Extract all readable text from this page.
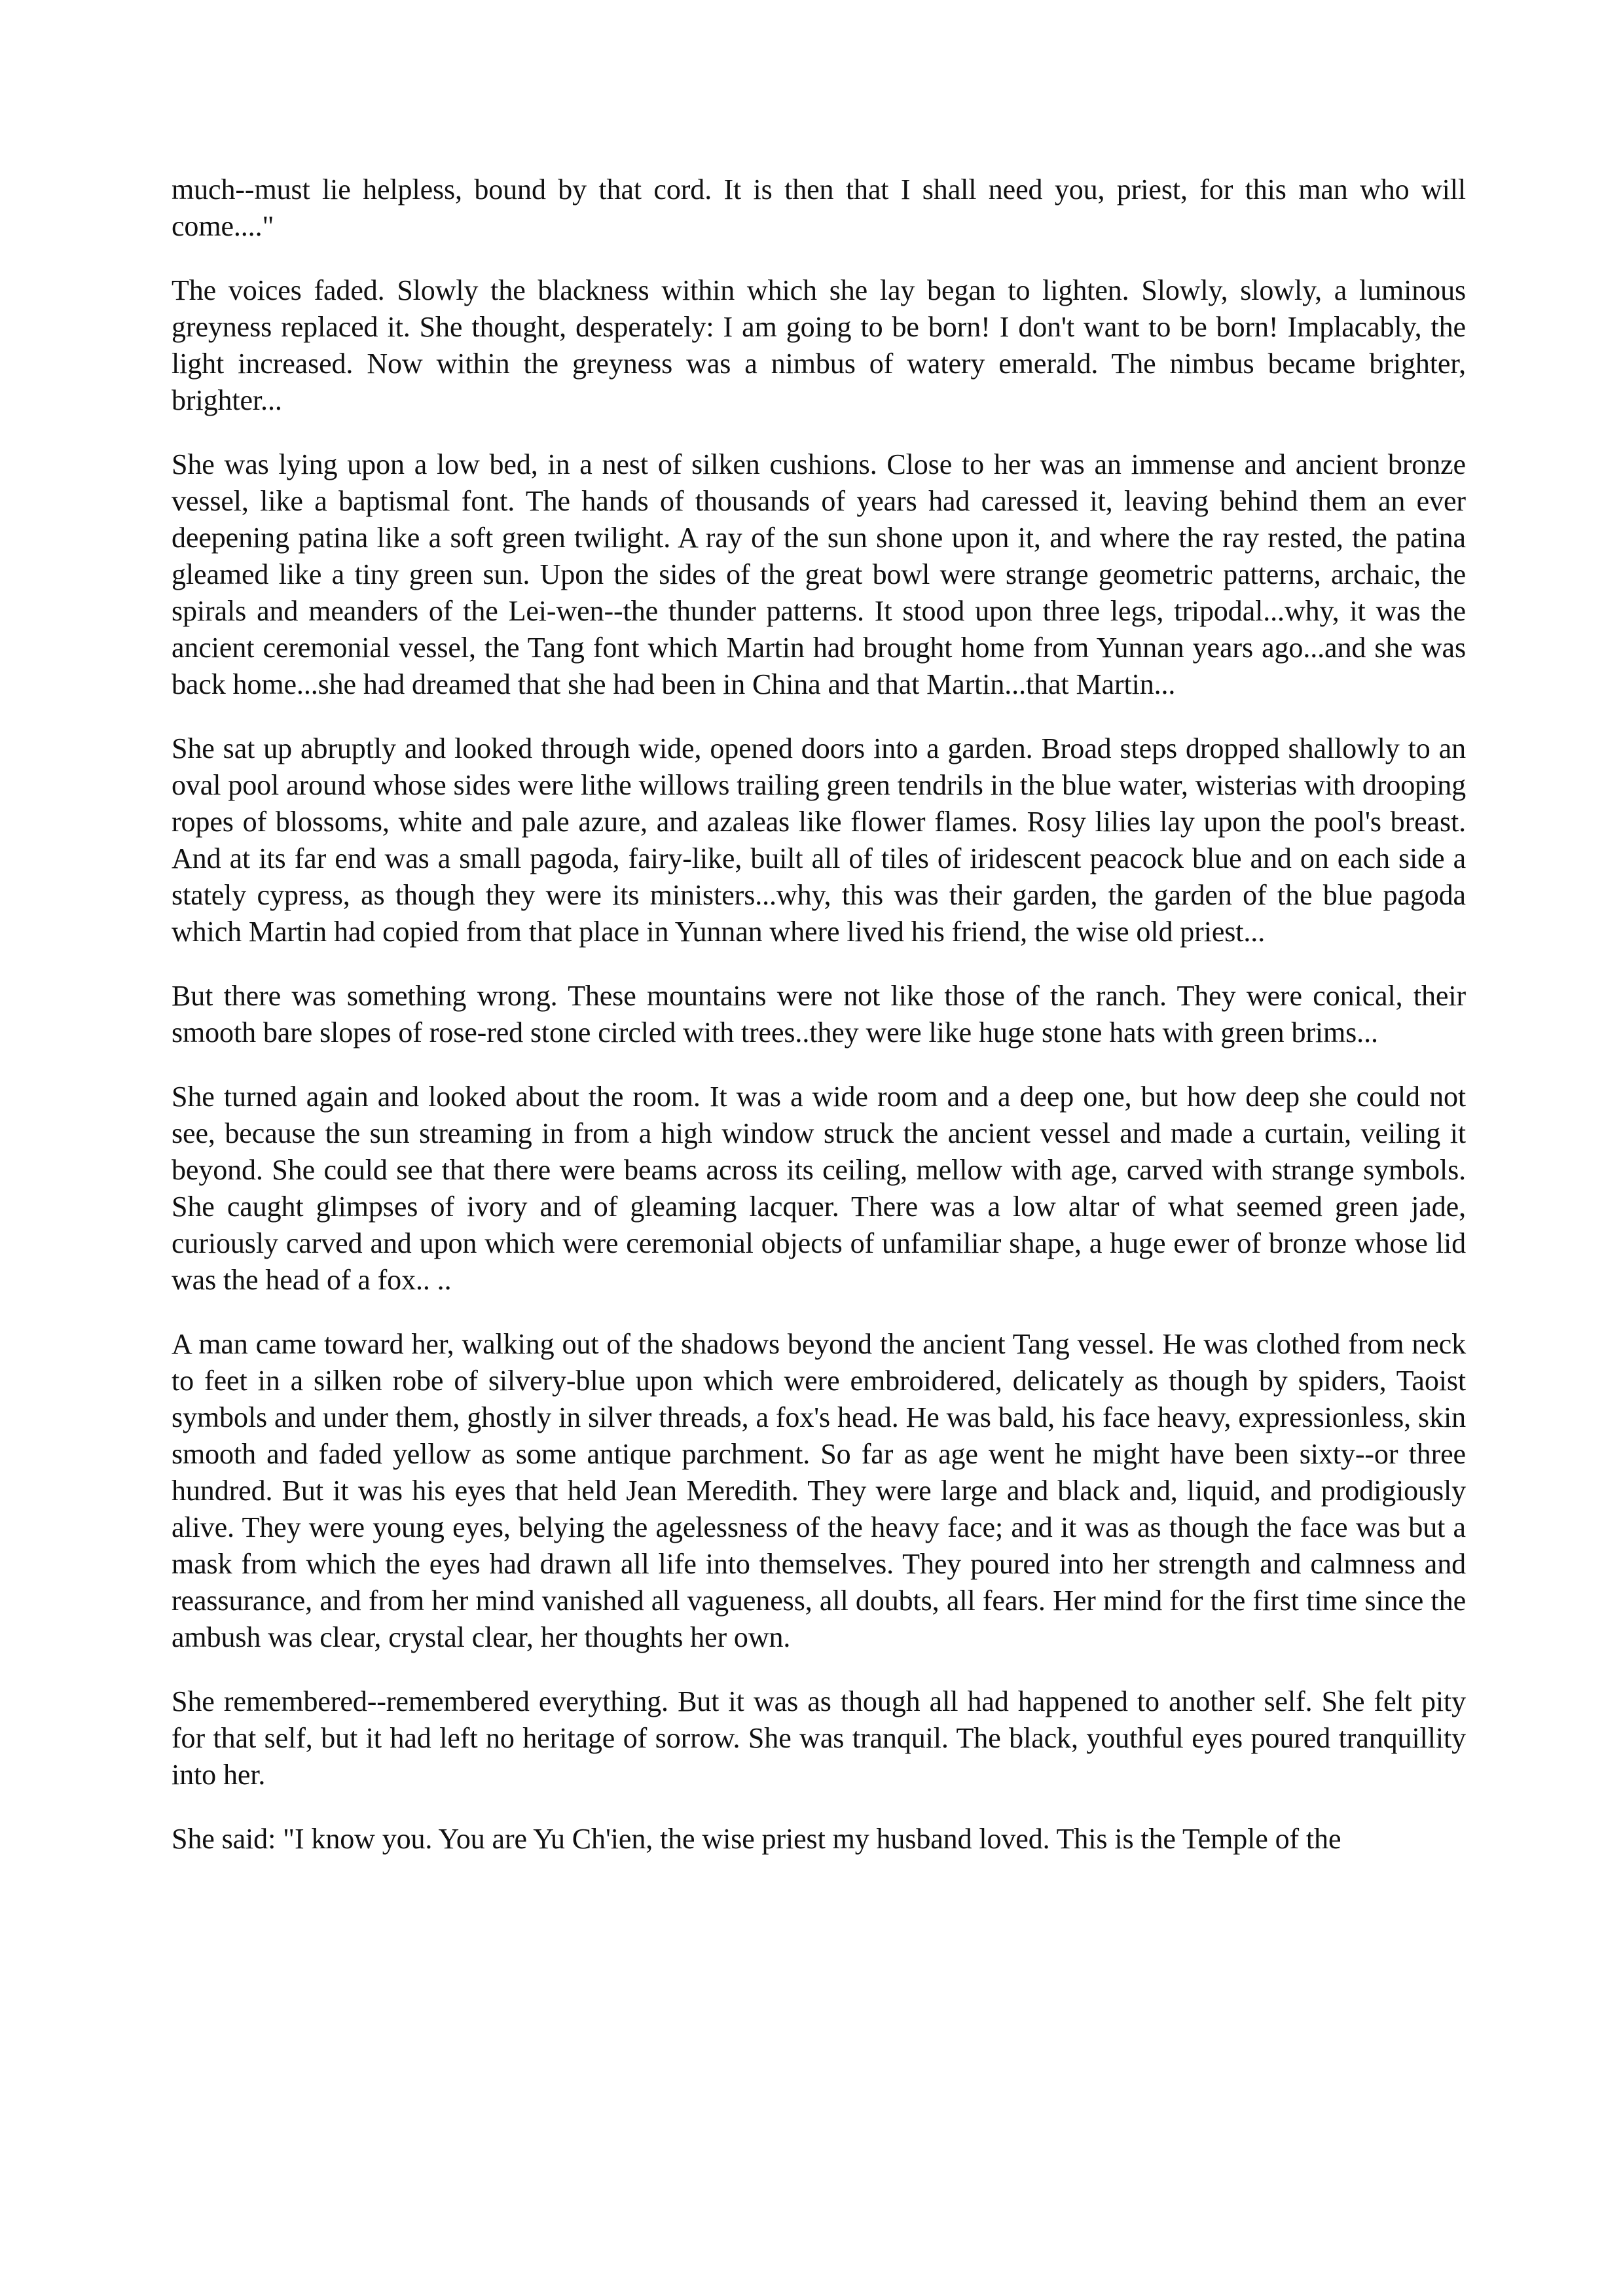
much--must lie helpless, bound by that cord. It is then that I shall need you, priest, for this man who will come...."

The voices faded. Slowly the blackness within which she lay began to lighten. Slowly, slowly, a luminous greyness replaced it. She thought, desperately: I am going to be born! I don't want to be born! Implacably, the light increased. Now within the greyness was a nimbus of watery emerald. The nimbus became brighter, brighter...

She was lying upon a low bed, in a nest of silken cushions. Close to her was an immense and ancient bronze vessel, like a baptismal font. The hands of thousands of years had caressed it, leaving behind them an ever deepening patina like a soft green twilight. A ray of the sun shone upon it, and where the ray rested, the patina gleamed like a tiny green sun. Upon the sides of the great bowl were strange geometric patterns, archaic, the spirals and meanders of the Lei-wen--the thunder patterns. It stood upon three legs, tripodal...why, it was the ancient ceremonial vessel, the Tang font which Martin had brought home from Yunnan years ago...and she was back home...she had dreamed that she had been in China and that Martin...that Martin...

She sat up abruptly and looked through wide, opened doors into a garden. Broad steps dropped shallowly to an oval pool around whose sides were lithe willows trailing green tendrils in the blue water, wisterias with drooping ropes of blossoms, white and pale azure, and azaleas like flower flames. Rosy lilies lay upon the pool's breast. And at its far end was a small pagoda, fairy-like, built all of tiles of iridescent peacock blue and on each side a stately cypress, as though they were its ministers...why, this was their garden, the garden of the blue pagoda which Martin had copied from that place in Yunnan where lived his friend, the wise old priest...

But there was something wrong. These mountains were not like those of the ranch. They were conical, their smooth bare slopes of rose-red stone circled with trees..they were like huge stone hats with green brims...

She turned again and looked about the room. It was a wide room and a deep one, but how deep she could not see, because the sun streaming in from a high window struck the ancient vessel and made a curtain, veiling it beyond. She could see that there were beams across its ceiling, mellow with age, carved with strange symbols. She caught glimpses of ivory and of gleaming lacquer. There was a low altar of what seemed green jade, curiously carved and upon which were ceremonial objects of unfamiliar shape, a huge ewer of bronze whose lid was the head of a fox.. ..

A man came toward her, walking out of the shadows beyond the ancient Tang vessel. He was clothed from neck to feet in a silken robe of silvery-blue upon which were embroidered, delicately as though by spiders, Taoist symbols and under them, ghostly in silver threads, a fox's head. He was bald, his face heavy, expressionless, skin smooth and faded yellow as some antique parchment. So far as age went he might have been sixty--or three hundred. But it was his eyes that held Jean Meredith. They were large and black and, liquid, and prodigiously alive. They were young eyes, belying the agelessness of the heavy face; and it was as though the face was but a mask from which the eyes had drawn all life into themselves. They poured into her strength and calmness and reassurance, and from her mind vanished all vagueness, all doubts, all fears. Her mind for the first time since the ambush was clear, crystal clear, her thoughts her own.

She remembered--remembered everything. But it was as though all had happened to another self. She felt pity for that self, but it had left no heritage of sorrow. She was tranquil. The black, youthful eyes poured tranquillity into her.

She said: "I know you. You are Yu Ch'ien, the wise priest my husband loved. This is the Temple of the
